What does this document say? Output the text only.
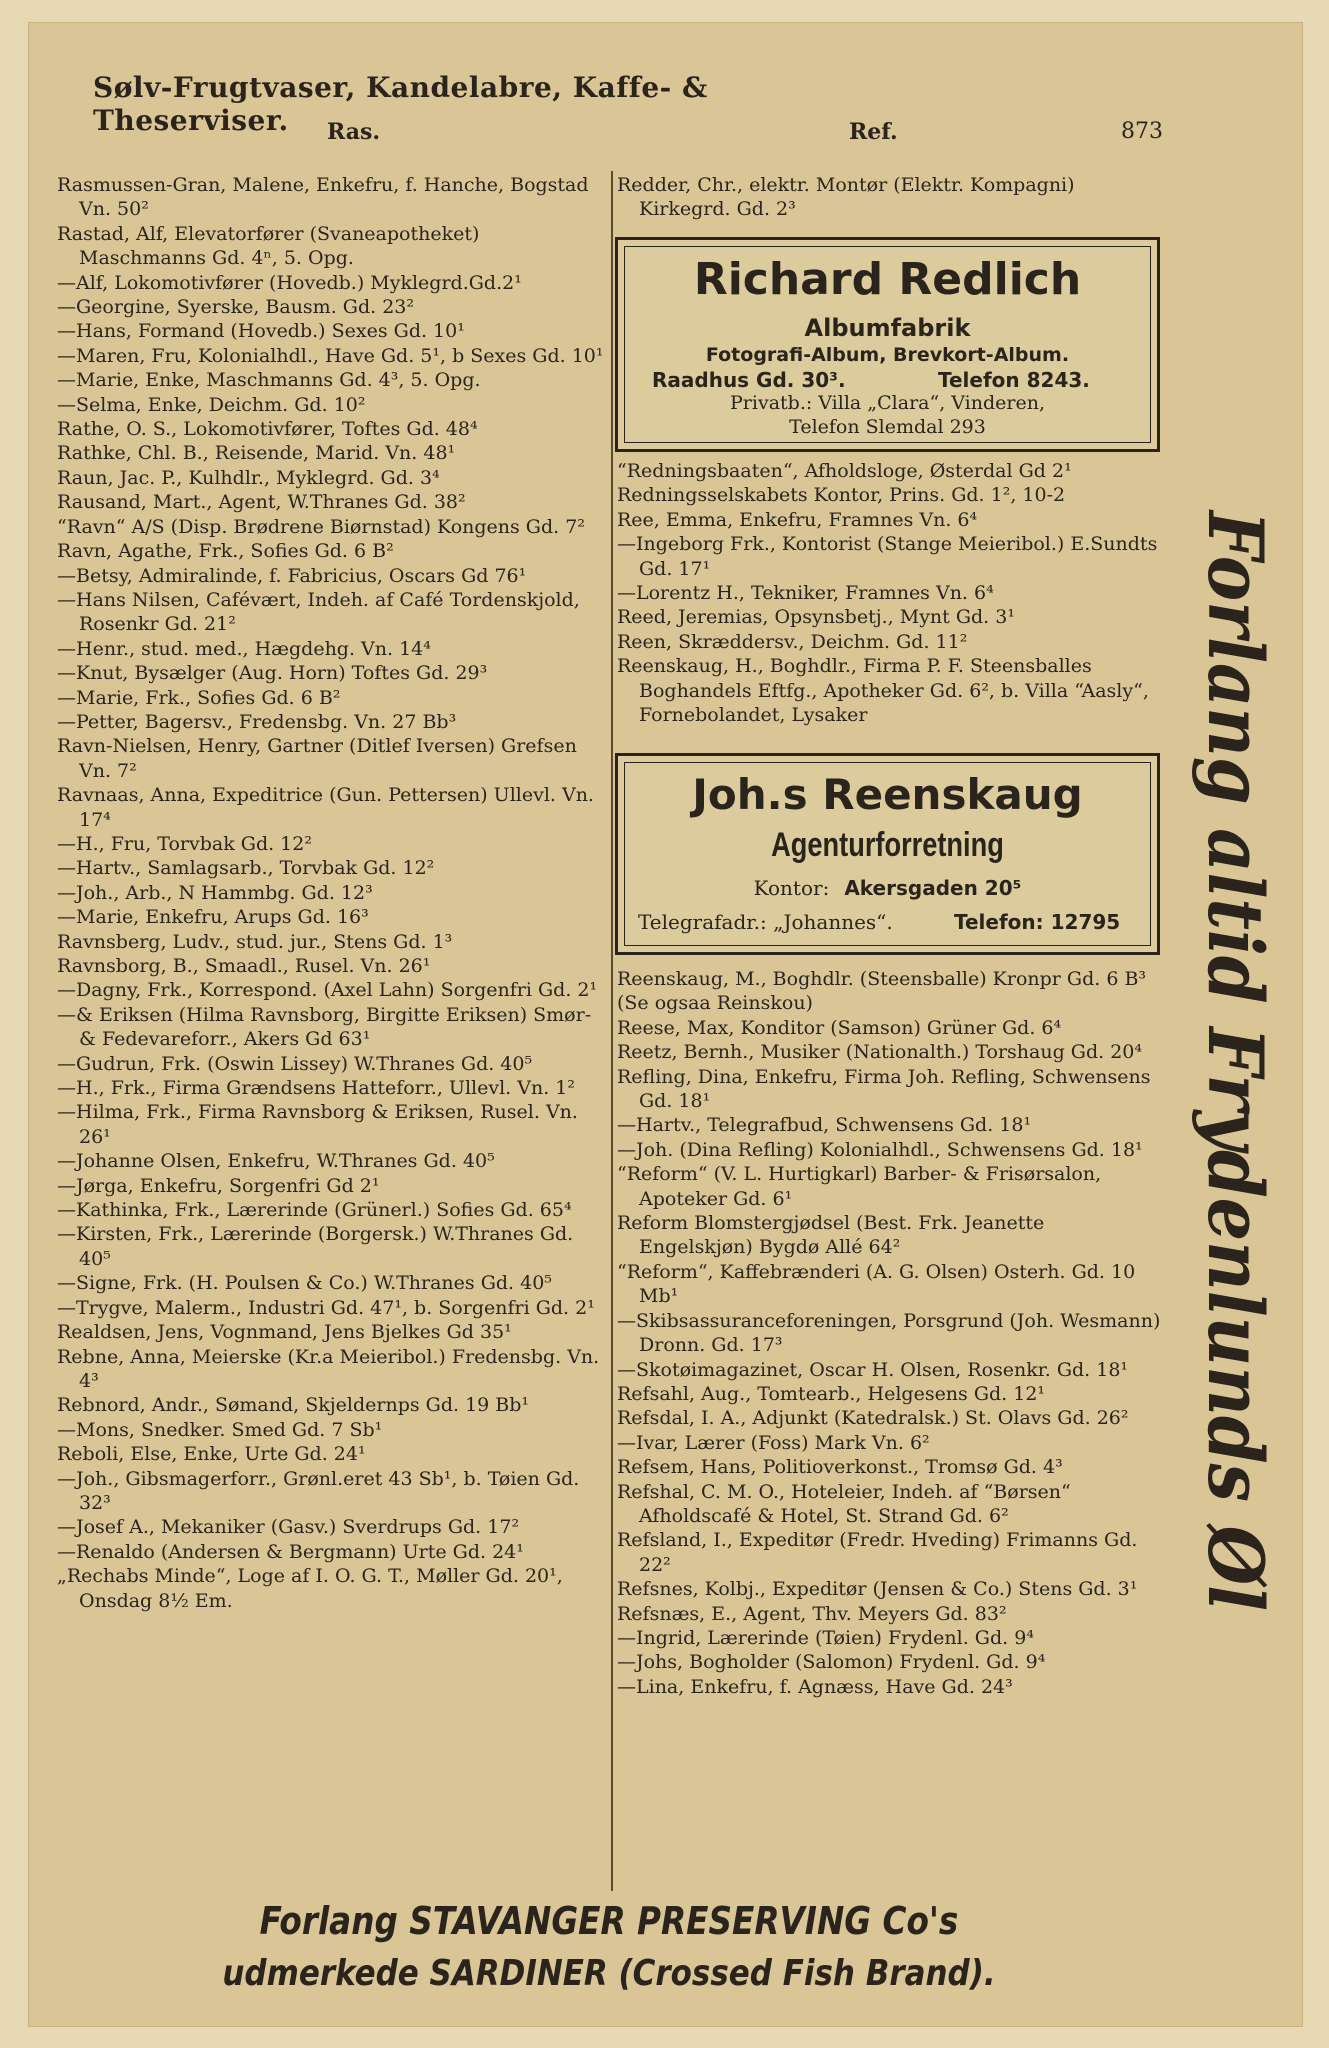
Sølv-Frugtvaser, Kandelabre, Kaffe- & Theserviser.	Ras.	Ref.	873
Rasmussen-Gran, Malene, Enkefru, f. Hanche, Bogstad Vn. 50²
Rastad, Alf, Elevatorfører (Svaneapotheket) Maschmanns Gd. 4ⁿ, 5. Opg.
—Alf, Lokomotivfører (Hovedb.) Myklegrd.Gd.2¹
—Georgine, Syerske, Bausm. Gd. 23²
—Hans, Formand (Hovedb.) Sexes Gd. 10¹
—Maren, Fru, Kolonialhdl., Have Gd. 5¹, b Sexes Gd. 10¹
—Marie, Enke, Maschmanns Gd. 4³, 5. Opg.
—Selma, Enke, Deichm. Gd. 10²
Rathe, O. S., Lokomotivfører, Toftes Gd. 48⁴
Rathke, Chl. B., Reisende, Marid. Vn. 48¹
Raun, Jac. P., Kulhdlr., Myklegrd. Gd. 3⁴
Rausand, Mart., Agent, W.Thranes Gd. 38²
“Ravn“ A/S (Disp. Brødrene Biørnstad) Kongens Gd. 7²
Ravn, Agathe, Frk., Sofies Gd. 6 B²
—Betsy, Admiralinde, f. Fabricius, Oscars Gd 76¹
—Hans Nilsen, Cafévært, Indeh. af Café Tordenskjold, Rosenkr Gd. 21²
—Henr., stud. med., Hægdehg. Vn. 14⁴
—Knut, Bysælger (Aug. Horn) Toftes Gd. 29³
—Marie, Frk., Sofies Gd. 6 B²
—Petter, Bagersv., Fredensbg. Vn. 27 Bb³
Ravn-Nielsen, Henry, Gartner (Ditlef Iversen) Grefsen Vn. 7²
Ravnaas, Anna, Expeditrice (Gun. Pettersen) Ullevl. Vn. 17⁴
—H., Fru, Torvbak Gd. 12²
—Hartv., Samlagsarb., Torvbak Gd. 12²
—Joh., Arb., N Hammbg. Gd. 12³
—Marie, Enkefru, Arups Gd. 16³
Ravnsberg, Ludv., stud. jur., Stens Gd. 1³
Ravnsborg, B., Smaadl., Rusel. Vn. 26¹
—Dagny, Frk., Korrespond. (Axel Lahn) Sorgenfri Gd. 2¹
—& Eriksen (Hilma Ravnsborg, Birgitte Eriksen) Smør- & Fedevareforr., Akers Gd 63¹
—Gudrun, Frk. (Oswin Lissey) W.Thranes Gd. 40⁵
—H., Frk., Firma Grændsens Hatteforr., Ullevl. Vn. 1²
—Hilma, Frk., Firma Ravnsborg & Eriksen, Rusel. Vn. 26¹
—Johanne Olsen, Enkefru, W.Thranes Gd. 40⁵
—Jørga, Enkefru, Sorgenfri Gd 2¹
—Kathinka, Frk., Lærerinde (Grünerl.) Sofies Gd. 65⁴
—Kirsten, Frk., Lærerinde (Borgersk.) W.Thranes Gd. 40⁵
—Signe, Frk. (H. Poulsen & Co.) W.Thranes Gd. 40⁵
—Trygve, Malerm., Industri Gd. 47¹, b. Sorgenfri Gd. 2¹
Realdsen, Jens, Vognmand, Jens Bjelkes Gd 35¹
Rebne, Anna, Meierske (Kr.a Meieribol.) Fredensbg. Vn. 4³
Rebnord, Andr., Sømand, Skjeldernps Gd. 19 Bb¹
—Mons, Snedker. Smed Gd. 7 Sb¹
Reboli, Else, Enke, Urte Gd. 24¹
—Joh., Gibsmagerforr., Grønl.eret 43 Sb¹, b. Tøien Gd. 32³
—Josef A., Mekaniker (Gasv.) Sverdrups Gd. 17²
—Renaldo (Andersen & Bergmann) Urte Gd. 24¹
„Rechabs Minde“, Loge af I. O. G. T., Møller Gd. 20¹, Onsdag 8½ Em.
Redder, Chr., elektr. Montør (Elektr. Kompagni) Kirkegrd. Gd. 2³
Richard Redlich
Albumfabrik
Fotografi-Album, Brevkort-Album.
Raadhus Gd. 30³.	Telefon 8243.
Privatb.: Villa „Clara“, Vinderen,
Telefon Slemdal 293
“Redningsbaaten“, Afholdsloge, Østerdal Gd 2¹
Redningsselskabets Kontor, Prins. Gd. 1², 10-2
Ree, Emma, Enkefru, Framnes Vn. 6⁴
—Ingeborg Frk., Kontorist (Stange Meieribol.) E.Sundts Gd. 17¹
—Lorentz H., Tekniker, Framnes Vn. 6⁴
Reed, Jeremias, Opsynsbetj., Mynt Gd. 3¹
Reen, Skræddersv., Deichm. Gd. 11²
Reenskaug, H., Boghdlr., Firma P. F. Steensballes Boghandels Eftfg., Apotheker Gd. 6², b. Villa “Aasly“, Fornebolandet, Lysaker
Joh.s Reenskaug
Agenturforretning
Kontor: Akersgaden 20⁵
Telegrafadr.: „Johannes“.	Telefon: 12795
Reenskaug, M., Boghdlr. (Steensballe) Kronpr Gd. 6 B³
(Se ogsaa Reinskou)
Reese, Max, Konditor (Samson) Grüner Gd. 6⁴
Reetz, Bernh., Musiker (Nationalth.) Torshaug Gd. 20⁴
Refling, Dina, Enkefru, Firma Joh. Refling, Schwensens Gd. 18¹
—Hartv., Telegrafbud, Schwensens Gd. 18¹
—Joh. (Dina Refling) Kolonialhdl., Schwensens Gd. 18¹
“Reform“ (V. L. Hurtigkarl) Barber- & Frisørsalon, Apoteker Gd. 6¹
Reform Blomstergjødsel (Best. Frk. Jeanette Engelskjøn) Bygdø Allé 64²
“Reform“, Kaffebrænderi (A. G. Olsen) Osterh. Gd. 10 Mb¹
—Skibsassuranceforeningen, Porsgrund (Joh. Wesmann) Dronn. Gd. 17³
—Skotøimagazinet, Oscar H. Olsen, Rosenkr. Gd. 18¹
Refsahl, Aug., Tomtearb., Helgesens Gd. 12¹
Refsdal, I. A., Adjunkt (Katedralsk.) St. Olavs Gd. 26²
—Ivar, Lærer (Foss) Mark Vn. 6²
Refsem, Hans, Politioverkonst., Tromsø Gd. 4³
Refshal, C. M. O., Hoteleier, Indeh. af “Børsen“ Afholdscafé & Hotel, St. Strand Gd. 6²
Refsland, I., Expeditør (Fredr. Hveding) Frimanns Gd. 22²
Refsnes, Kolbj., Expeditør (Jensen & Co.) Stens Gd. 3¹
Refsnæs, E., Agent, Thv. Meyers Gd. 83²
—Ingrid, Lærerinde (Tøien) Frydenl. Gd. 9⁴
—Johs, Bogholder (Salomon) Frydenl. Gd. 9⁴
—Lina, Enkefru, f. Agnæss, Have Gd. 24³	Forlang altid Frydenlunds Øl
Forlang STAVANGER PRESERVING Co's
udmerkede SARDINER (Crossed Fish Brand).
